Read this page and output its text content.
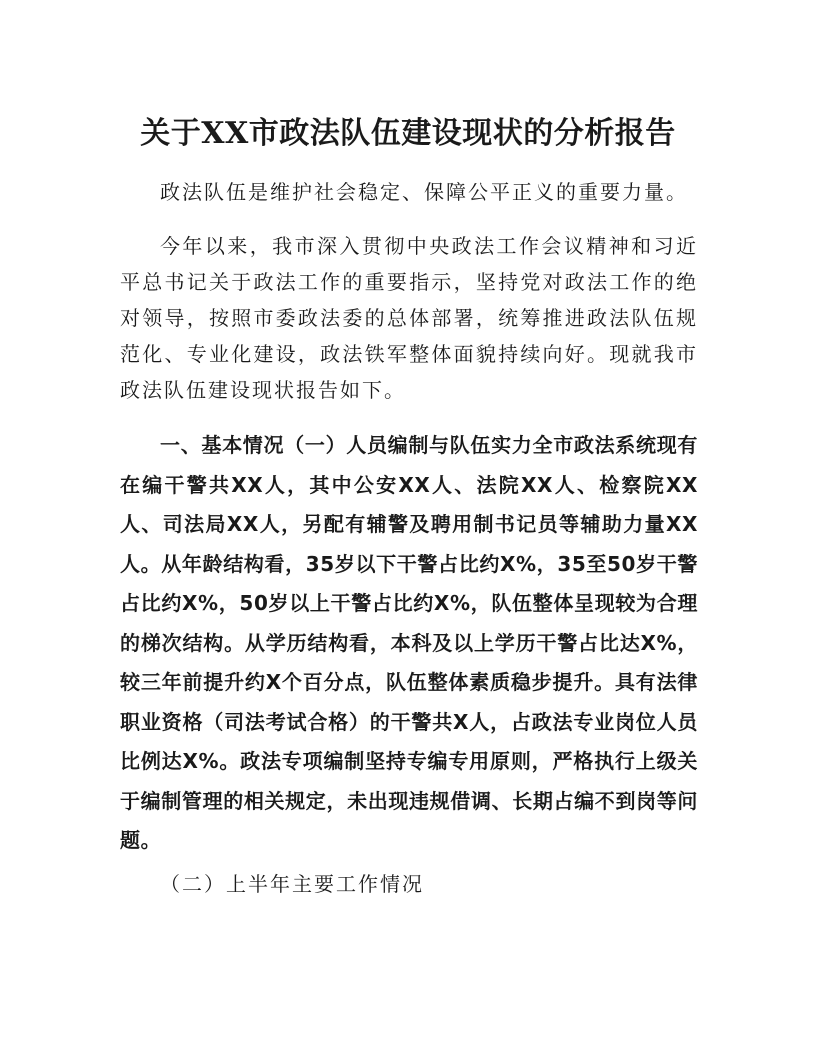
关于XX市政法队伍建设现状的分析报告

政法队伍是维护社会稳定、保障公平正义的重要力量。

今年以来，我市深入贯彻中央政法工作会议精神和习近平总书记关于政法工作的重要指示，坚持党对政法工作的绝对领导，按照市委政法委的总体部署，统筹推进政法队伍规范化、专业化建设，政法铁军整体面貌持续向好。现就我市政法队伍建设现状报告如下。

一、基本情况（一）人员编制与队伍实力全市政法系统现有在编干警共XX人，其中公安XX人、法院XX人、检察院XX人、司法局XX人，另配有辅警及聘用制书记员等辅助力量XX人。从年龄结构看，35岁以下干警占比约X%，35至50岁干警占比约X%，50岁以上干警占比约X%，队伍整体呈现较为合理的梯次结构。从学历结构看，本科及以上学历干警占比达X%，较三年前提升约X个百分点，队伍整体素质稳步提升。具有法律职业资格（司法考试合格）的干警共X人，占政法专业岗位人员比例达X%。政法专项编制坚持专编专用原则，严格执行上级关于编制管理的相关规定，未出现违规借调、长期占编不到岗等问题。

（二）上半年主要工作情况
